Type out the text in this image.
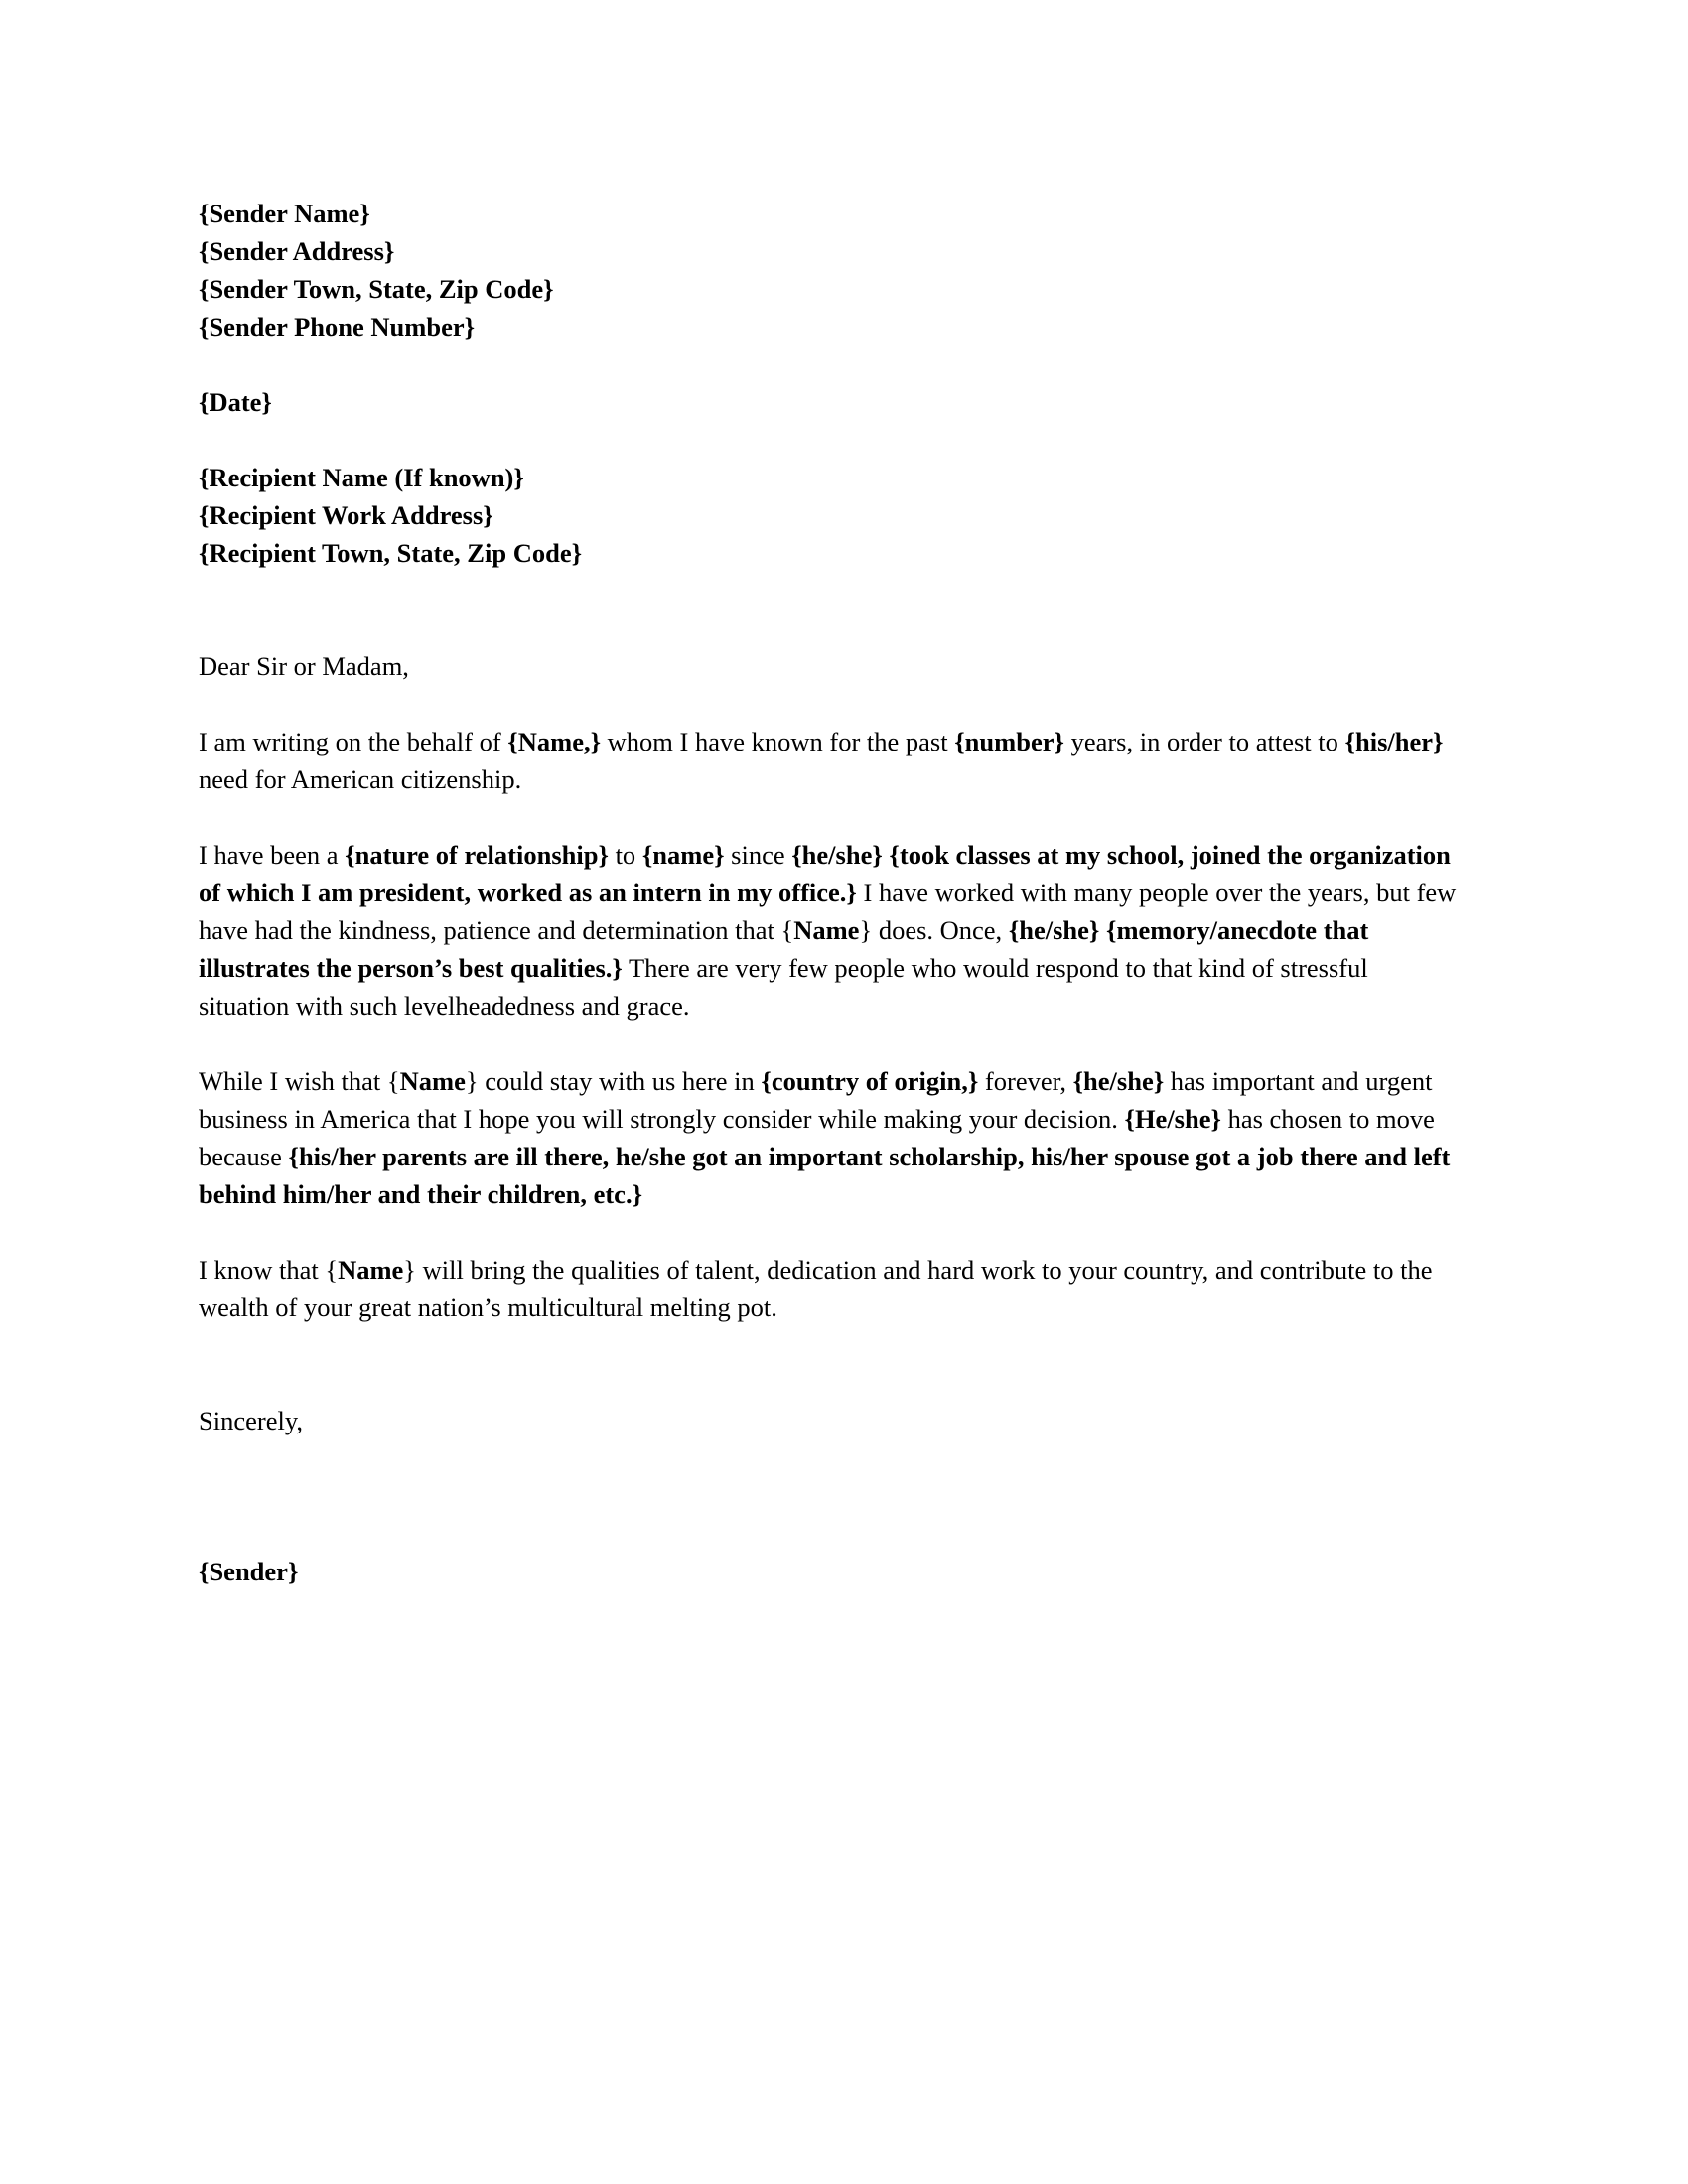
{Sender Name}
{Sender Address}
{Sender Town, State, Zip Code}
{Sender Phone Number}
{Date}
{Recipient Name (If known)}
{Recipient Work Address}
{Recipient Town, State, Zip Code}

Dear Sir or Madam,

I am writing on the behalf of {Name,} whom I have known for the past {number} years, in order to attest to {his/her} need for American citizenship.

I have been a {nature of relationship} to {name} since {he/she} {took classes at my school, joined the organization of which I am president, worked as an intern in my office.} I have worked with many people over the years, but few have had the kindness, patience and determination that {Name} does. Once, {he/she} {memory/anecdote that illustrates the person’s best qualities.} There are very few people who would respond to that kind of stressful situation with such levelheadedness and grace.

While I wish that {Name} could stay with us here in {country of origin,} forever, {he/she} has important and urgent business in America that I hope you will strongly consider while making your decision. {He/she} has chosen to move because {his/her parents are ill there, he/she got an important scholarship, his/her spouse got a job there and left behind him/her and their children, etc.}

I know that {Name} will bring the qualities of talent, dedication and hard work to your country, and contribute to the wealth of your great nation’s multicultural melting pot.

Sincerely,

{Sender}
